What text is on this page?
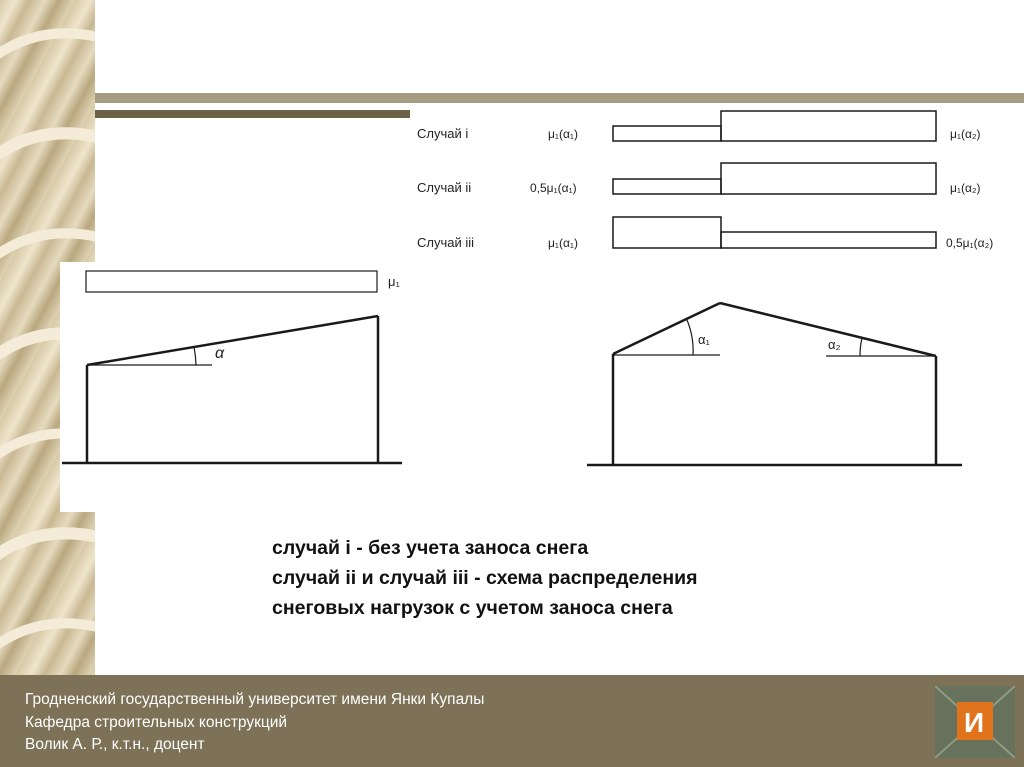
Случай i	μ₁(α₁)	μ₁(α₂)
Случай ii	0,5μ₁(α₁)	μ₁(α₂)
Случай iii	μ₁(α₁)	0,5μ₁(α₂)
μ₁
α
α₁	α₂
случай i - без учета заноса снега
случай ii и случай iii - схема распределения
снеговых нагрузок с учетом заноса снега
Гродненский государственный университет имени Янки Купалы
Кафедра строительных конструкций
Волик А. Р., к.т.н., доцент
И
